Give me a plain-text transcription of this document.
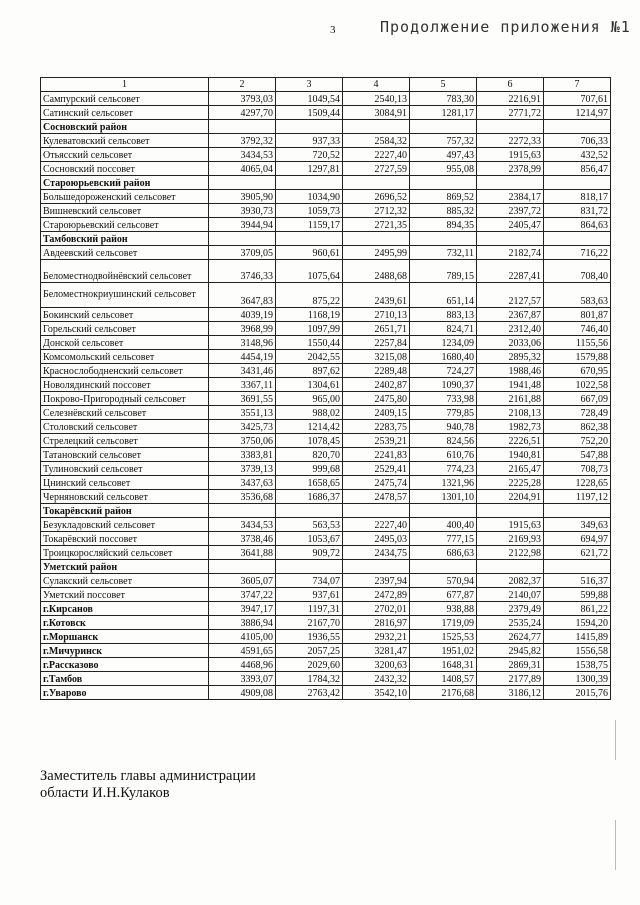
3	Продолжение приложения №1
1	2	3	4	5	6	7
Сампурский сельсовет	3793,03	1049,54	2540,13	783,30	2216,91	707,61
Сатинский сельсовет	4297,70	1509,44	3084,91	1281,17	2771,72	1214,97
Сосновский район						
Кулеватовский сельсовет	3792,32	937,33	2584,32	757,32	2272,33	706,33
Отьясский сельсовет	3434,53	720,52	2227,40	497,43	1915,63	432,52
Сосновский поссовет	4065,04	1297,81	2727,59	955,08	2378,99	856,47
Староюрьевский район						
Большедороженский сельсовет	3905,90	1034,90	2696,52	869,52	2384,17	818,17
Вишневский сельсовет	3930,73	1059,73	2712,32	885,32	2397,72	831,72
Староюрьевский сельсовет	3944,94	1159,17	2721,35	894,35	2405,47	864,63
Тамбовский район						
Авдеевский сельсовет	3709,05	960,61	2495,99	732,11	2182,74	716,22
Беломестнодвойнёвский сельсовет	3746,33	1075,64	2488,68	789,15	2287,41	708,40
Беломестнокриушинский сельсовет	3647,83	875,22	2439,61	651,14	2127,57	583,63
Бокинский сельсовет	4039,19	1168,19	2710,13	883,13	2367,87	801,87
Горельский сельсовет	3968,99	1097,99	2651,71	824,71	2312,40	746,40
Донской сельсовет	3148,96	1550,44	2257,84	1234,09	2033,06	1155,56
Комсомольский сельсовет	4454,19	2042,55	3215,08	1680,40	2895,32	1579,88
Краснослободненский сельсовет	3431,46	897,62	2289,48	724,27	1988,46	670,95
Новолядинский поссовет	3367,11	1304,61	2402,87	1090,37	1941,48	1022,58
Покрово-Пригородный сельсовет	3691,55	965,00	2475,80	733,98	2161,88	667,09
Селезнёвский сельсовет	3551,13	988,02	2409,15	779,85	2108,13	728,49
Столовский сельсовет	3425,73	1214,42	2283,75	940,78	1982,73	862,38
Стрелецкий сельсовет	3750,06	1078,45	2539,21	824,56	2226,51	752,20
Татановский сельсовет	3383,81	820,70	2241,83	610,76	1940,81	547,88
Тулиновский сельсовет	3739,13	999,68	2529,41	774,23	2165,47	708,73
Цнинский сельсовет	3437,63	1658,65	2475,74	1321,96	2225,28	1228,65
Черняновский сельсовет	3536,68	1686,37	2478,57	1301,10	2204,91	1197,12
Токарёвский район						
Безукладовский сельсовет	3434,53	563,53	2227,40	400,40	1915,63	349,63
Токарёвский поссовет	3738,46	1053,67	2495,03	777,15	2169,93	694,97
Троицкоросляйский сельсовет	3641,88	909,72	2434,75	686,63	2122,98	621,72
Уметский район						
Сулакский сельсовет	3605,07	734,07	2397,94	570,94	2082,37	516,37
Уметский поссовет	3747,22	937,61	2472,89	677,87	2140,07	599,88
г.Кирсанов	3947,17	1197,31	2702,01	938,88	2379,49	861,22
г.Котовск	3886,94	2167,70	2816,97	1719,09	2535,24	1594,20
г.Моршанск	4105,00	1936,55	2932,21	1525,53	2624,77	1415,89
г.Мичуринск	4591,65	2057,25	3281,47	1951,02	2945,82	1556,58
г.Рассказово	4468,96	2029,60	3200,63	1648,31	2869,31	1538,75
г.Тамбов	3393,07	1784,32	2432,32	1408,57	2177,89	1300,39
г.Уварово	4909,08	2763,42	3542,10	2176,68	3186,12	2015,76
Заместитель главы администрации
области И.Н.Кулаков
